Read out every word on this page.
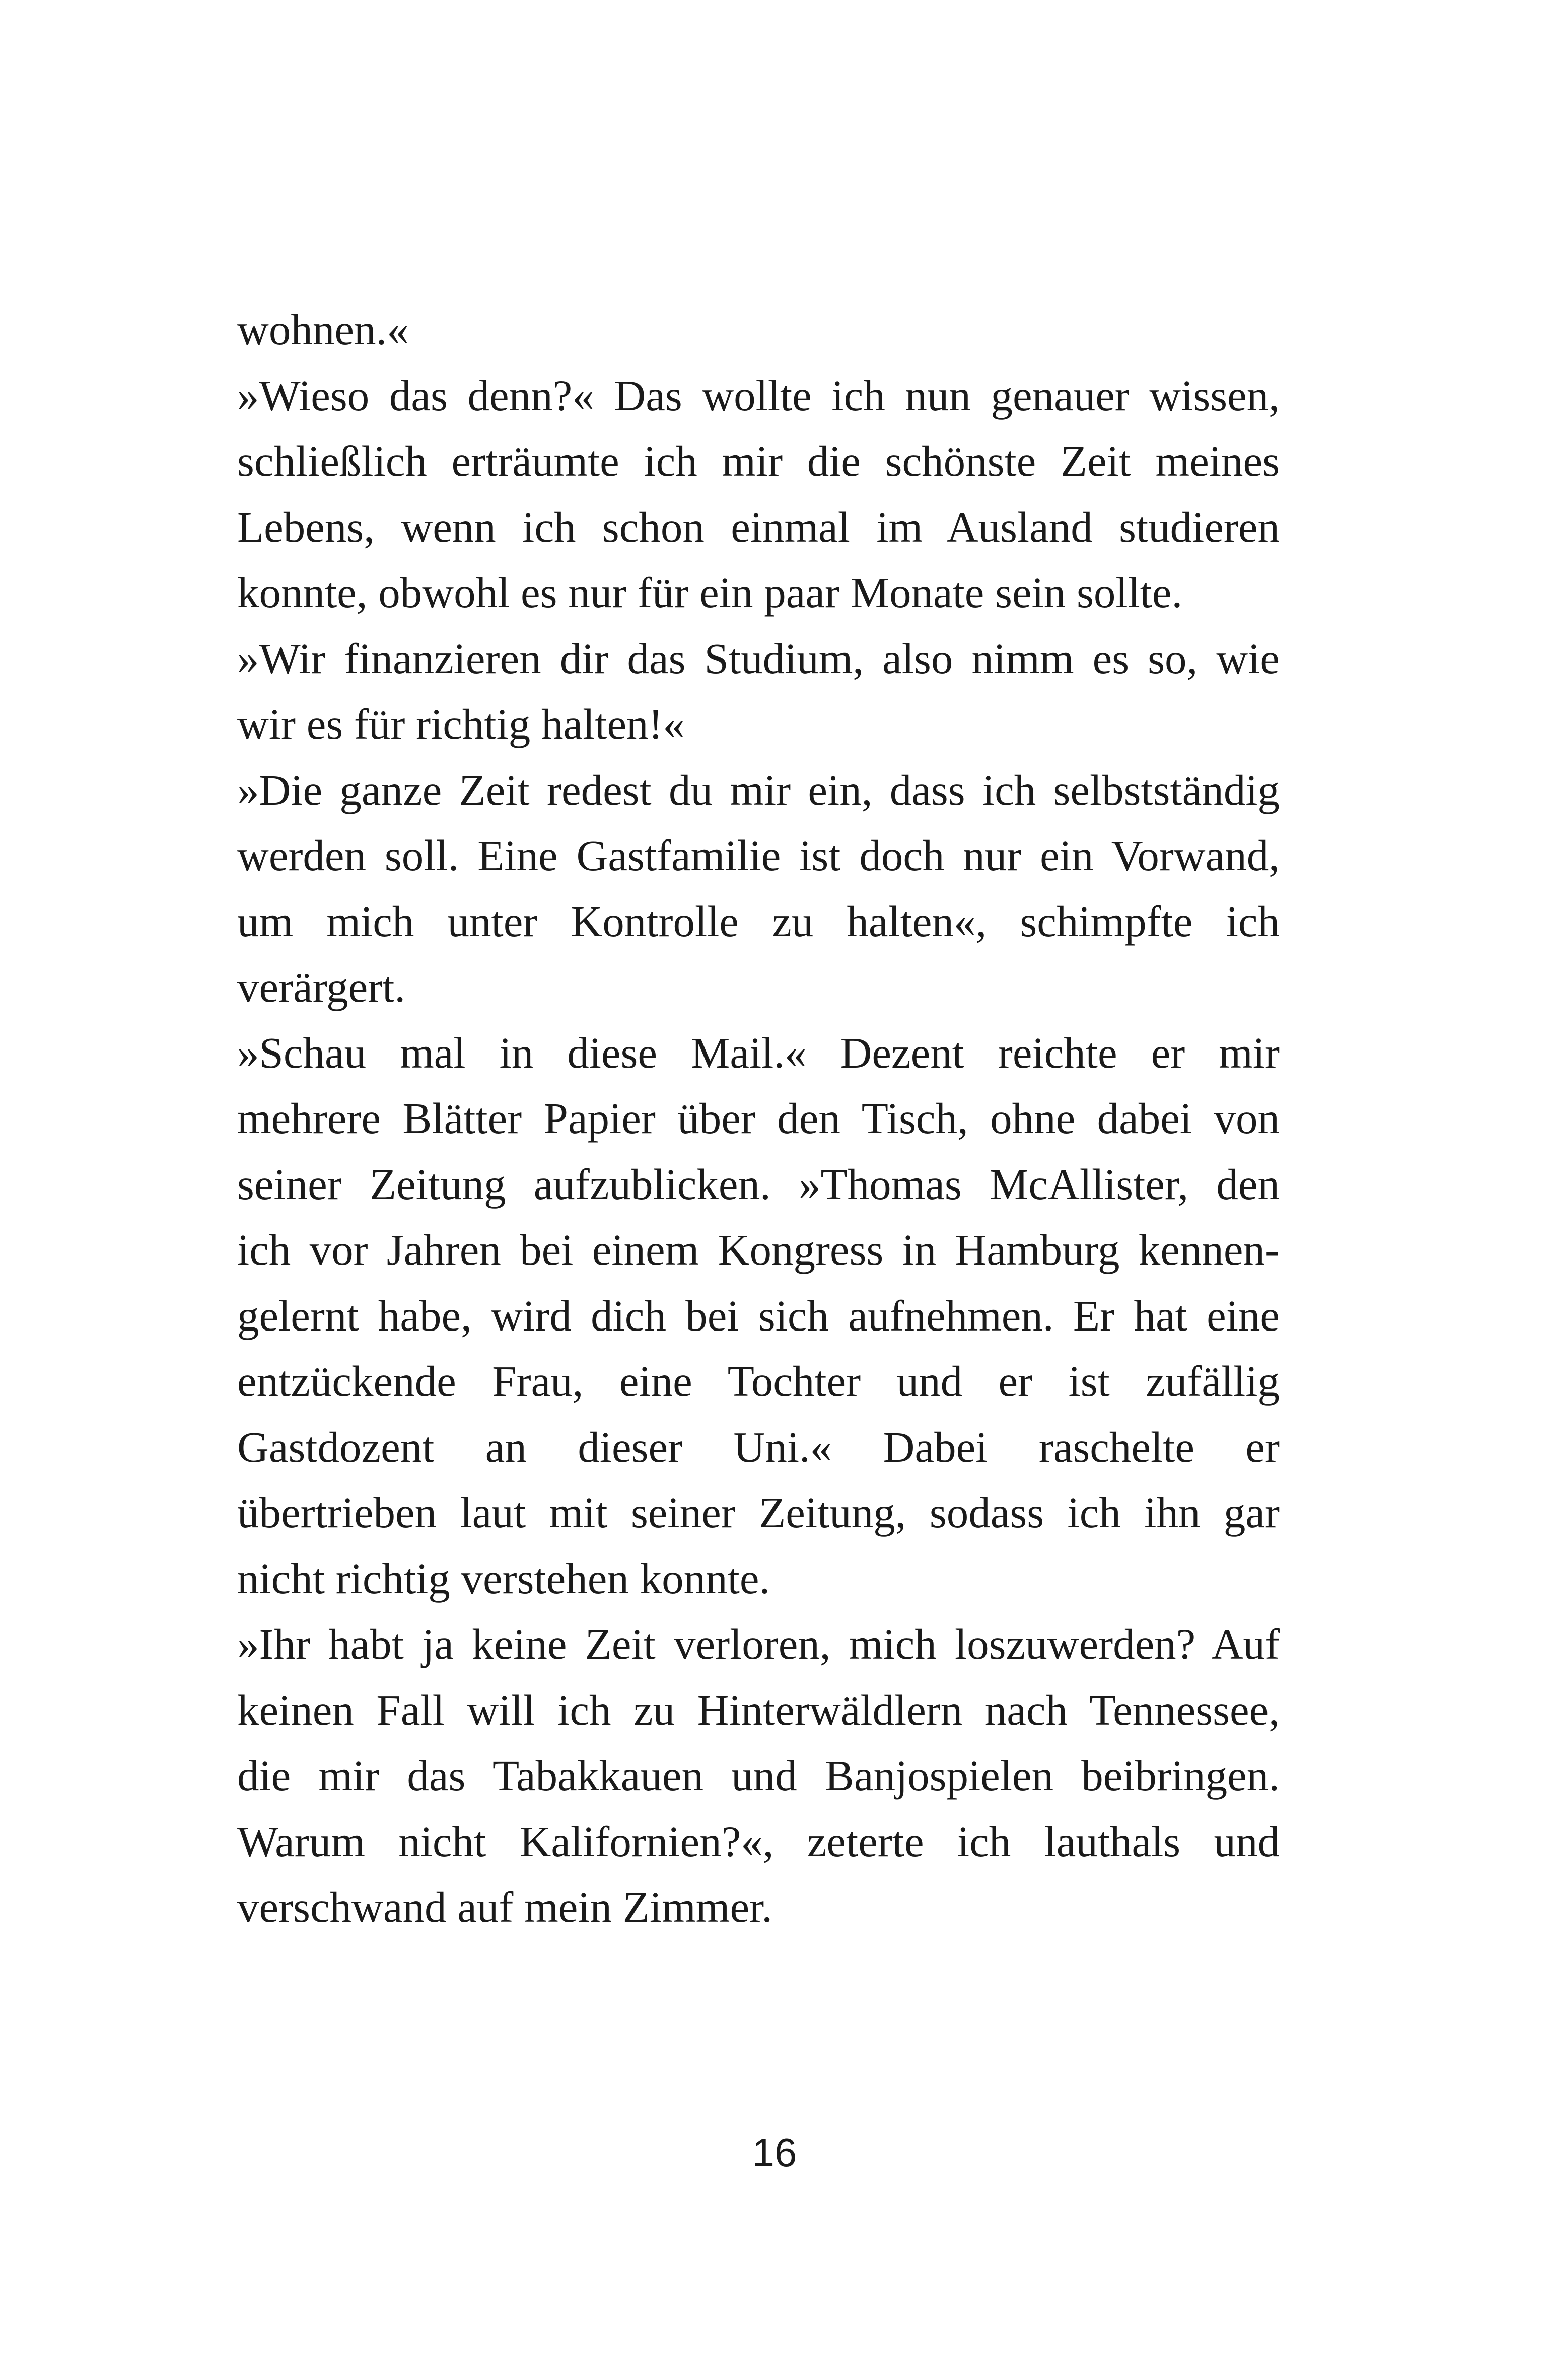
wohnen.«
»Wieso das denn?« Das wollte ich nun genauer wissen,
schließlich erträumte ich mir die schönste Zeit meines
Lebens, wenn ich schon einmal im Ausland studieren
konnte, obwohl es nur für ein paar Monate sein sollte.
»Wir finanzieren dir das Studium, also nimm es so, wie
wir es für richtig halten!«
»Die ganze Zeit redest du mir ein, dass ich selbstständig
werden soll. Eine Gastfamilie ist doch nur ein Vorwand,
um mich unter Kontrolle zu halten«, schimpfte ich
verärgert.
»Schau mal in diese Mail.« Dezent reichte er mir
mehrere Blätter Papier über den Tisch, ohne dabei von
seiner Zeitung aufzublicken. »Thomas McAllister, den
ich vor Jahren bei einem Kongress in Hamburg kennen-
gelernt habe, wird dich bei sich aufnehmen. Er hat eine
entzückende Frau, eine Tochter und er ist zufällig
Gastdozent an dieser Uni.« Dabei raschelte er
übertrieben laut mit seiner Zeitung, sodass ich ihn gar
nicht richtig verstehen konnte.
»Ihr habt ja keine Zeit verloren, mich loszuwerden? Auf
keinen Fall will ich zu Hinterwäldlern nach Tennessee,
die mir das Tabakkauen und Banjospielen beibringen.
Warum nicht Kalifornien?«, zeterte ich lauthals und
verschwand auf mein Zimmer.
16
